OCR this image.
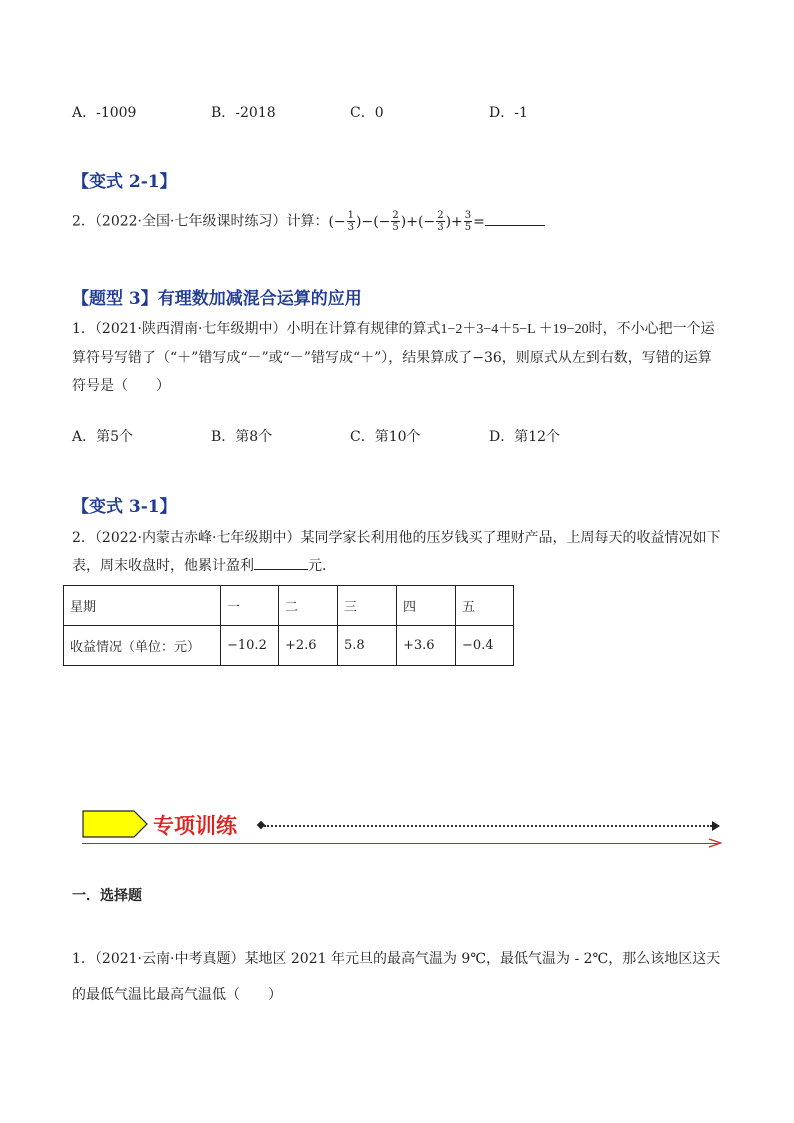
A．-1009	B．-2018	C．0	D．-1
【变式 2-1】
2．（2022·全国·七年级课时练习）计算：(− $\frac{1}{3}$ )−(− $\frac{2}{5}$ )+(− $\frac{2}{3}$ )+ $\frac{3}{5}$ =
【题型 3】有理数加减混合运算的应用
1．（2021·陕西渭南·七年级期中）小明在计算有规律的算式1−2＋3−4＋5−L ＋19−20时，不小心把一个运算符号写错了（“＋”错写成“－”或“－”错写成“＋”），结果算成了−36，则原式从左到右数，写错的运算符号是（　　）
A．第5个	B．第8个	C．第10个	D．第12个
【变式 3-1】
2．（2022·内蒙古赤峰·七年级期中）某同学家长利用他的压岁钱买了理财产品，上周每天的收益情况如下表，周末收盘时，他累计盈利	元．
星期	一	二	三	四	五
收益情况（单位：元）	−10.2	+2.6	5.8	+3.6	−0.4
专项训练
一．选择题
1．（2021·云南·中考真题）某地区 2021 年元旦的最高气温为 9℃，最低气温为 - 2℃，那么该地区这天的最低气温比最高气温低（　　）
